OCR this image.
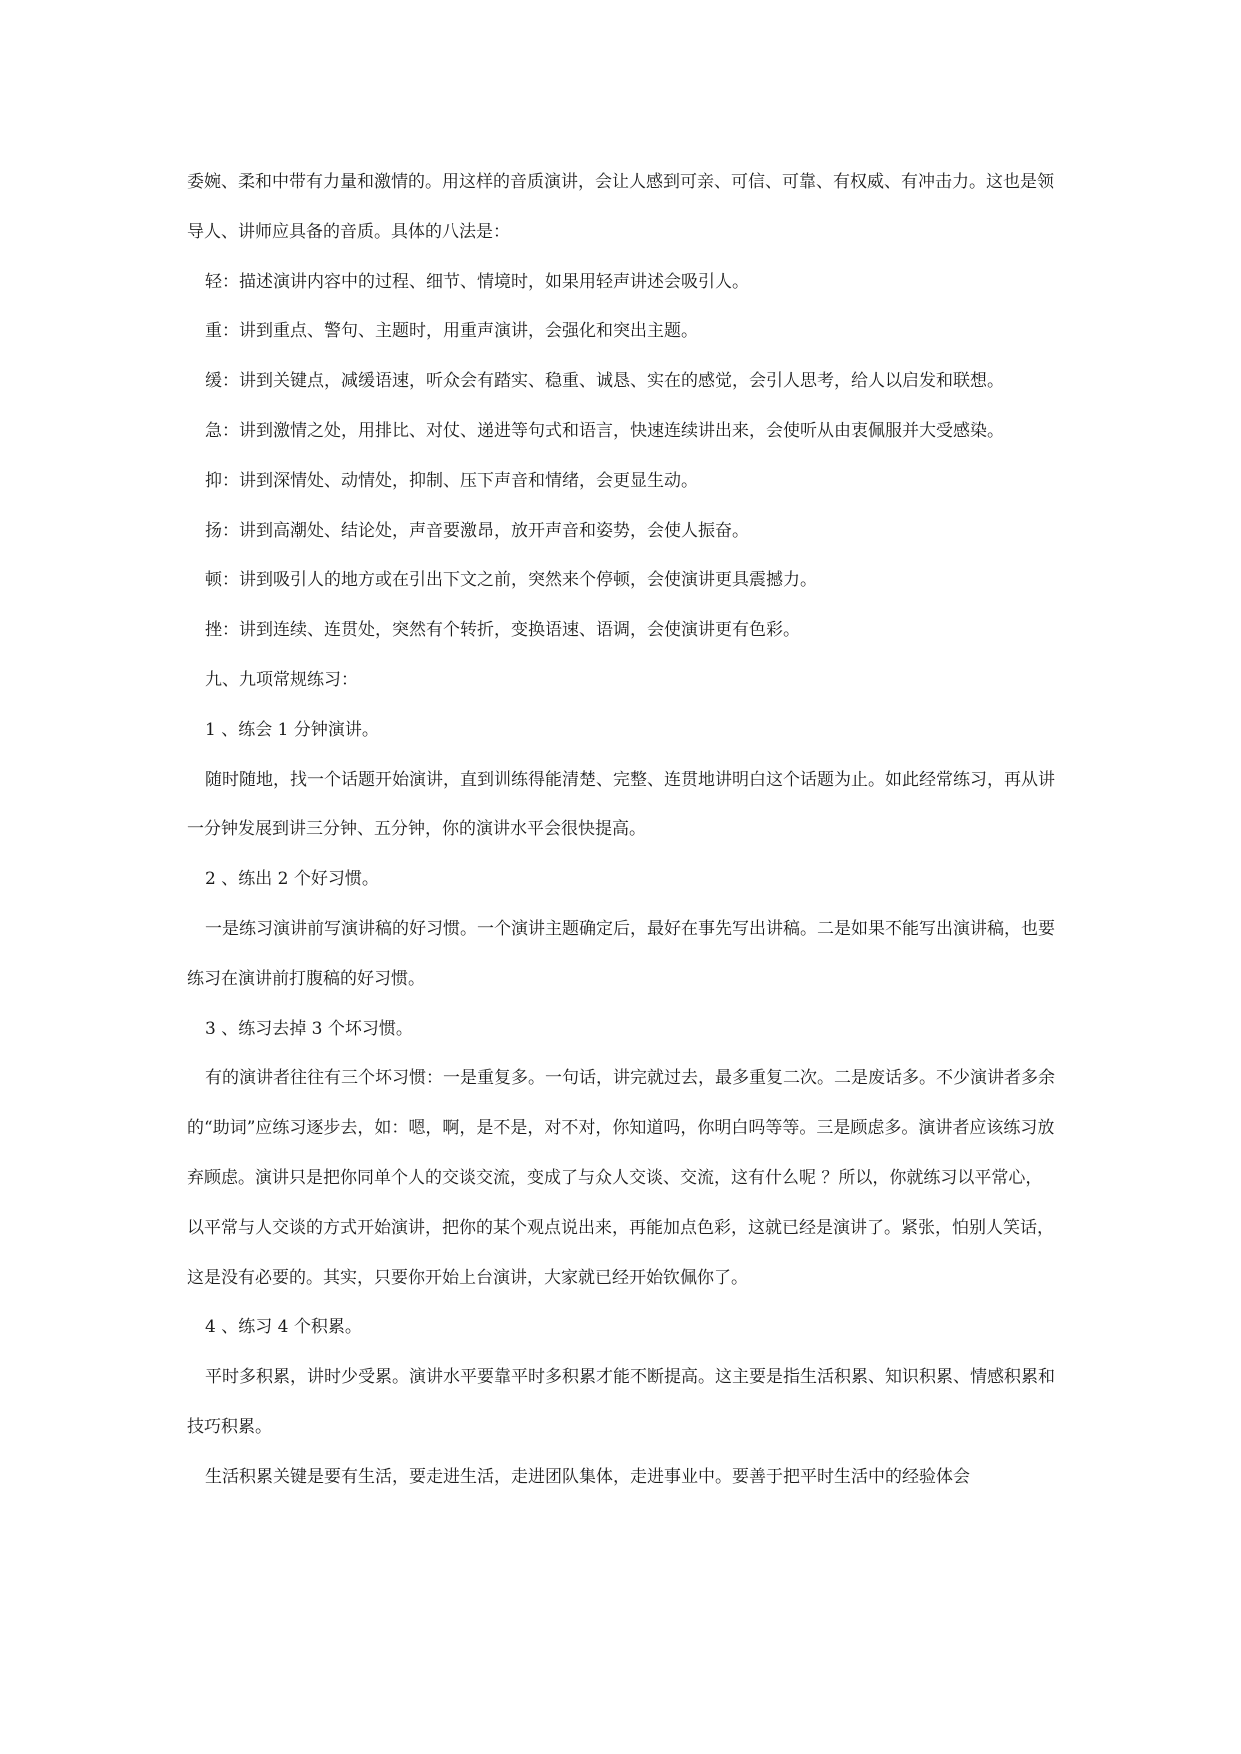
委婉、柔和中带有力量和激情的。用这样的音质演讲，会让人感到可亲、可信、可靠、有权威、有冲击力。这也是领导人、讲师应具备的音质。具体的八法是：

轻：描述演讲内容中的过程、细节、情境时，如果用轻声讲述会吸引人。

重：讲到重点、警句、主题时，用重声演讲，会强化和突出主题。

缓：讲到关键点，减缓语速，听众会有踏实、稳重、诚恳、实在的感觉，会引人思考，给人以启发和联想。

急：讲到激情之处，用排比、对仗、递进等句式和语言，快速连续讲出来，会使听从由衷佩服并大受感染。

抑：讲到深情处、动情处，抑制、压下声音和情绪，会更显生动。

扬：讲到高潮处、结论处，声音要激昂，放开声音和姿势，会使人振奋。

顿：讲到吸引人的地方或在引出下文之前，突然来个停顿，会使演讲更具震撼力。

挫：讲到连续、连贯处，突然有个转折，变换语速、语调，会使演讲更有色彩。

九、九项常规练习：

1 、练会 1 分钟演讲。

随时随地，找一个话题开始演讲，直到训练得能清楚、完整、连贯地讲明白这个话题为止。如此经常练习，再从讲一分钟发展到讲三分钟、五分钟，你的演讲水平会很快提高。

2 、练出 2 个好习惯。

一是练习演讲前写演讲稿的好习惯。一个演讲主题确定后，最好在事先写出讲稿。二是如果不能写出演讲稿，也要练习在演讲前打腹稿的好习惯。

3 、练习去掉 3 个坏习惯。

有的演讲者往往有三个坏习惯：一是重复多。一句话，讲完就过去，最多重复二次。二是废话多。不少演讲者多余的“助词”应练习逐步去，如：嗯，啊，是不是，对不对，你知道吗，你明白吗等等。三是顾虑多。演讲者应该练习放弃顾虑。演讲只是把你同单个人的交谈交流，变成了与众人交谈、交流，这有什么呢 ？所以，你就练习以平常心，以平常与人交谈的方式开始演讲，把你的某个观点说出来，再能加点色彩，这就已经是演讲了。紧张，怕别人笑话，这是没有必要的。其实，只要你开始上台演讲，大家就已经开始钦佩你了。

4 、练习 4 个积累。

平时多积累，讲时少受累。演讲水平要靠平时多积累才能不断提高。这主要是指生活积累、知识积累、情感积累和技巧积累。

生活积累关键是要有生活，要走进生活，走进团队集体，走进事业中。要善于把平时生活中的经验体会
